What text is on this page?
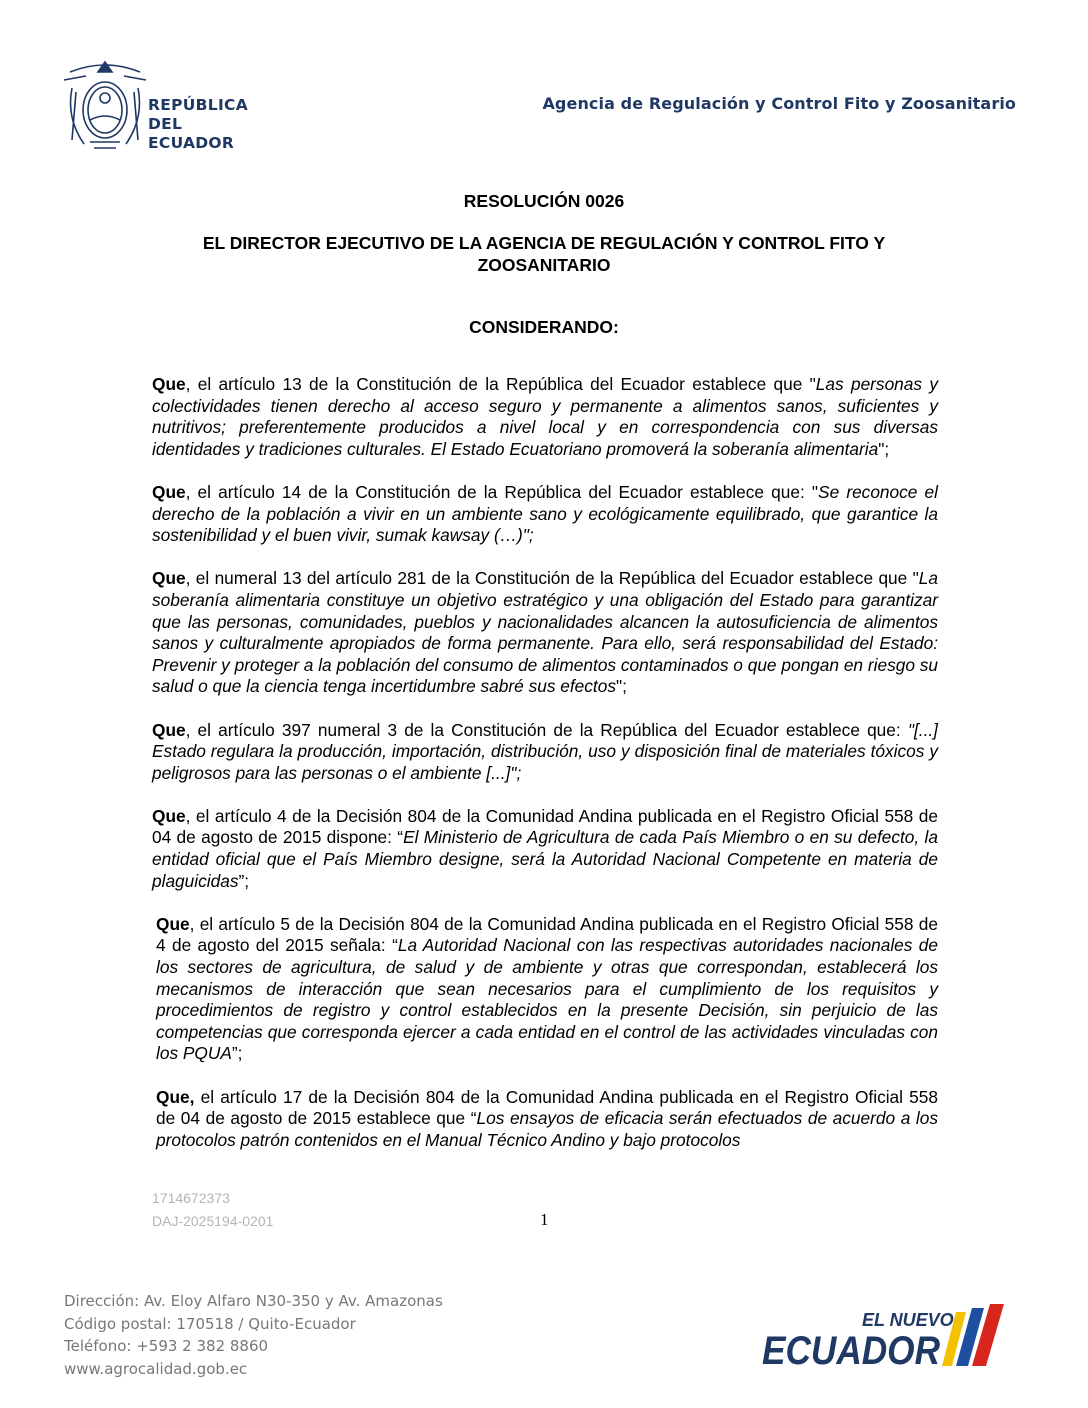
REPÚBLICA
DEL ECUADOR
Agencia de Regulación y Control Fito y Zoosanitario
RESOLUCIÓN 0026
EL DIRECTOR EJECUTIVO DE LA AGENCIA DE REGULACIÓN Y CONTROL FITO Y ZOOSANITARIO
CONSIDERANDO:

Que, el artículo 13 de la Constitución de la República del Ecuador establece que "Las personas y colectividades tienen derecho al acceso seguro y permanente a alimentos sanos, suficientes y nutritivos; preferentemente producidos a nivel local y en correspondencia con sus diversas identidades y tradiciones culturales. El Estado Ecuatoriano promoverá la soberanía alimentaria";

Que, el artículo 14 de la Constitución de la República del Ecuador establece que: "Se reconoce el derecho de la población a vivir en un ambiente sano y ecológicamente equilibrado, que garantice la sostenibilidad y el buen vivir, sumak kawsay (…)";

Que, el numeral 13 del artículo 281 de la Constitución de la República del Ecuador establece que "La soberanía alimentaria constituye un objetivo estratégico y una obligación del Estado para garantizar que las personas, comunidades, pueblos y nacionalidades alcancen la autosuficiencia de alimentos sanos y culturalmente apropiados de forma permanente. Para ello, será responsabilidad del Estado: Prevenir y proteger a la población del consumo de alimentos contaminados o que pongan en riesgo su salud o que la ciencia tenga incertidumbre sabré sus efectos";

Que, el artículo 397 numeral 3 de la Constitución de la República del Ecuador establece que: "[...] Estado regulara la producción, importación, distribución, uso y disposición final de materiales tóxicos y peligrosos para las personas o el ambiente [...]";

Que, el artículo 4 de la Decisión 804 de la Comunidad Andina publicada en el Registro Oficial 558 de 04 de agosto de 2015 dispone: “El Ministerio de Agricultura de cada País Miembro o en su defecto, la entidad oficial que el País Miembro designe, será la Autoridad Nacional Competente en materia de plaguicidas”;

Que, el artículo 5 de la Decisión 804 de la Comunidad Andina publicada en el Registro Oficial 558 de 4 de agosto del 2015 señala: “La Autoridad Nacional con las respectivas autoridades nacionales de los sectores de agricultura, de salud y de ambiente y otras que correspondan, establecerá los mecanismos de interacción que sean necesarios para el cumplimiento de los requisitos y procedimientos de registro y control establecidos en la presente Decisión, sin perjuicio de las competencias que corresponda ejercer a cada entidad en el control de las actividades vinculadas con los PQUA”;

Que, el artículo 17 de la Decisión 804 de la Comunidad Andina publicada en el Registro Oficial 558 de 04 de agosto de 2015 establece que “Los ensayos de eficacia serán efectuados de acuerdo a los protocolos patrón contenidos en el Manual Técnico Andino y bajo protocolos

1714672373
DAJ-2025194-0201	1
Dirección: Av. Eloy Alfaro N30-350 y Av. Amazonas
Código postal: 170518 / Quito-Ecuador
Teléfono: +593 2 382 8860
www.agrocalidad.gob.ec
EL NUEVO
ECUADOR
